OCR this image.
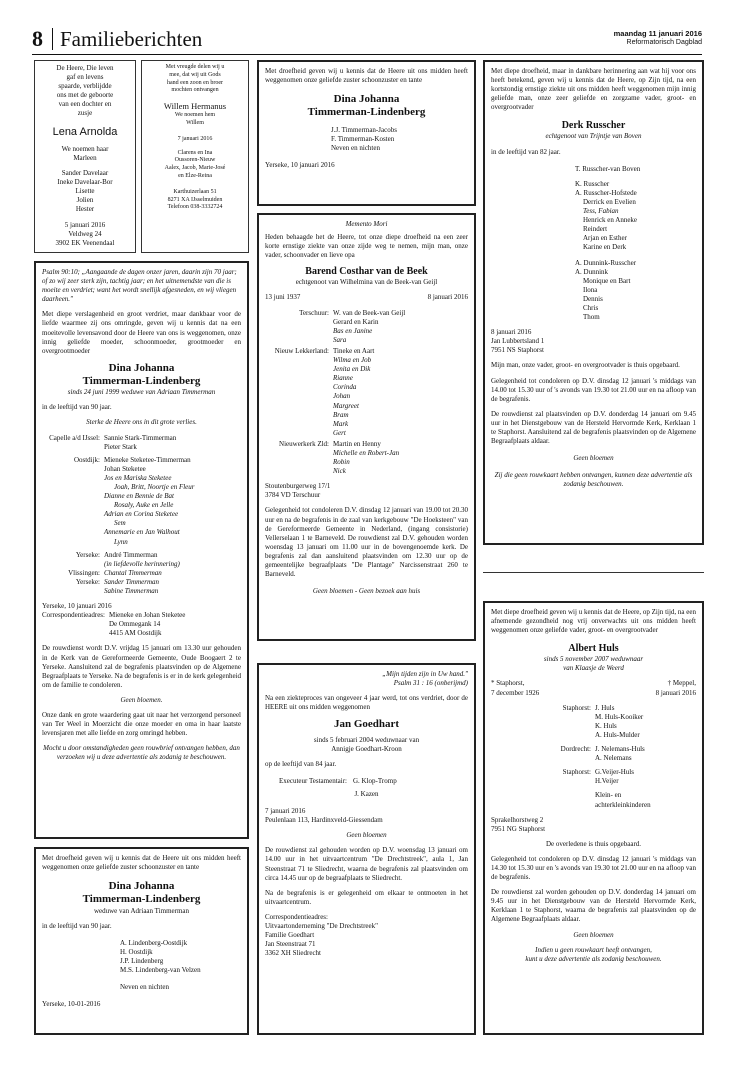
8 Familieberichten	maandag 11 januari 2016
Reformatorisch Dagblad
De Heere, Die leven
gaf en levens
spaarde, verblijdde
ons met de geboorte
van een dochter en
zusje
Lena Arnolda
We noemen haar
Marleen
Sander Davelaar
Ineke Davelaar-Bor
Lisette
Jolien
Hester
5 januari 2016
Veldweg 24
3902 EK Veenendaal
Met vreugde delen wij u
mee, dat wij uit Gods
hand een zoon en broer
mochten ontvangen
Willem Hermanus
We noemen hem
Willem
7 januari 2016
Clarens en Ina
Oussoren-Nieuw
Aalex, Jacob, Marie-José
en Elze-Reina
Karthuizerlaan 51
8271 XA IJsselmuiden
Telefoon 038-3332724
Psalm 90:10; „Aangaande de dagen onzer jaren, daarin zijn 70 jaar; of zo wij zeer sterk zijn, tachtig jaar; en het uitnemendste van die is moeite en verdriet; want het wordt snellijk afgesneden, en wij vliegen daarheen."
Met diepe verslagenheid en groot verdriet, maar dankbaar voor de liefde waarmee zij ons omringde, geven wij u kennis dat na een moeitevolle levensavond door de Heere van ons is weggenomen, onze innig geliefde moeder, schoonmoeder, grootmoeder en overgrootmoeder
Dina Johanna
Timmerman-Lindenberg
sinds 24 juni 1999 weduwe van Adriaan Timmerman
in de leeftijd van 90 jaar.
Sterke de Heere ons in dit grote verlies.
Capelle a/d IJssel: Sannie Stark-Timmerman
Pieter Stark
Oostdijk: Mieneke Steketee-Timmerman
Johan Steketee
Jos en Mariska Steketee
Joah, Britt, Noortje en Fleur
Dianne en Bennie de Bat
Rosaly, Auke en Jelle
Adrian en Corina Steketee
Sem
Annemarie en Jan Walhout
Lynn
Yerseke: André Timmerman
(in liefdevolle herinnering)
Vlissingen: Chantal Timmerman
Yerseke: Sander Timmerman
Sabine Timmerman
Yerseke, 10 januari 2016
Correspondentieadres: Mieneke en Johan Steketee
De Ommegank 14
4415 AM Oostdijk
De rouwdienst wordt D.V. vrijdag 15 januari om 13.30 uur gehouden in de Kerk van de Gereformeerde Gemeente, Oude Boogaert 2 te Yerseke. Aansluitend zal de begrafenis plaatsvinden op de Algemene Begraafplaats te Yerseke. Na de begrafenis is er in de kerk gelegenheid om de familie te condoleren.
Geen bloemen.
Onze dank en grote waardering gaat uit naar het verzorgend personeel van Ter Weel in Moerzicht die onze moeder en oma in haar laatste levensjaren met alle liefde en zorg omringd hebben.
Mocht u door omstandigheden geen rouwbrief ontvangen hebben, dan verzoeken wij u deze advertentie als zodanig te beschouwen.
Met droefheid geven wij u kennis dat de Heere uit ons midden heeft weggenomen onze geliefde zuster schoonzuster en tante
Dina Johanna
Timmerman-Lindenberg
weduwe van Adriaan Timmerman
in de leeftijd van 90 jaar.
A. Lindenberg-Oostdijk
H. Oostdijk
J.P. Lindenberg
M.S. Lindenberg-van Velzen
Neven en nichten
Yerseke, 10-01-2016
Met droefheid geven wij u kennis dat de Heere uit ons midden heeft weggenomen onze geliefde zuster schoonzuster en tante
Dina Johanna
Timmerman-Lindenberg
J.J. Timmerman-Jacobs
F. Timmerman-Kosten
Neven en nichten
Yerseke, 10 januari 2016
Memento Mori
Heden behaagde het de Heere, tot onze diepe droefheid na een zeer korte ernstige ziekte van onze zijde weg te nemen, mijn man, onze vader, schoonvader en lieve opa
Barend Costhar van de Beek
echtgenoot van Wilhelmina van de Beek-van Geijl
13 juni 1937	8 januari 2016
Terschuur: W. van de Beek-van Geijl
Gerard en Karin
Bas en Janine
Sara
Nieuw Lekkerland: Tineke en Aart
Wilma en Job
Jenita en Dik
Rianne
Corinda
Johan
Margreet
Bram
Mark
Gert
Nieuwerkerk Zld: Martin en Henny
Michelle en Robert-Jan
Robin
Nick
Stoutenburgerweg 17/1
3784 VD Terschuur
Gelegenheid tot condoleren D.V. dinsdag 12 januari van 19.00 tot 20.30 uur en na de begrafenis in de zaal van kerkgebouw "De Hoeksteen" van de Gereformeerde Gemeente in Nederland, (ingang consistorie) Vellerselaan 1 te Barneveld. De rouwdienst zal D.V. gehouden worden woensdag 13 januari om 11.00 uur in de bovengenoemde kerk. De begrafenis zal dan aansluitend plaatsvinden om 12.30 uur op de gemeentelijke begraafplaats "De Plantage" Narcissenstraat 260 te Barneveld.
Geen bloemen - Geen bezoek aan huis
„Mijn tijden zijn in Uw hand."
Psalm 31 : 16 (onberijmd)
Na een ziekteproces van ongeveer 4 jaar werd, tot ons verdriet, door de HEERE uit ons midden weggenomen
Jan Goedhart
sinds 5 februari 2004 weduwnaar van
Annigje Goedhart-Kroon
op de leeftijd van 84 jaar.
Executeur Testamentair: G. Klop-Tromp
J. Kazen
7 januari 2016
Peulenlaan 113, Hardinxveld-Giessendam
Geen bloemen
De rouwdienst zal gehouden worden op D.V. woensdag 13 januari om 14.00 uur in het uitvaartcentrum "De Drechtstreek", aula 1, Jan Steenstraat 71 te Sliedrecht, waarna de begrafenis zal plaatsvinden om circa 14.45 uur op de begraafplaats te Sliedrecht.
Na de begrafenis is er gelegenheid om elkaar te ontmoeten in het uitvaartcentrum.
Correspondentieadres:
Uitvaartonderneming "De Drechtstreek"
Familie Goedhart
Jan Steenstraat 71
3362 XH Sliedrecht
Met diepe droefheid, maar in dankbare herinnering aan wat hij voor ons heeft betekend, geven wij u kennis dat de Heere, op Zijn tijd, na een kortstondig ernstige ziekte uit ons midden heeft weggenomen mijn innig geliefde man, onze zeer geliefde en zorgzame vader, groot- en overgrootvader
Derk Russcher
echtgenoot van Trijntje van Boven
in de leeftijd van 82 jaar.
T. Russcher-van Boven
K. Russcher
A. Russcher-Hofstede
Derrick en Evelien
Tess, Fabian
Henrick en Anneke
Reindert
Arjan en Esther
Karine en Derk
A. Dunnink-Russcher
A. Dunnink
Monique en Bart
Ilona
Dennis
Chris
Thom
8 januari 2016
Jan Lubbertsland 1
7951 NS Staphorst
Mijn man, onze vader, groot- en overgrootvader is thuis opgebaard.
Gelegenheid tot condoleren op D.V. dinsdag 12 januari 's middags van 14.00 tot 15.30 uur of 's avonds van 19.30 tot 21.00 uur en na afloop van de begrafenis.
De rouwdienst zal plaatsvinden op D.V. donderdag 14 januari om 9.45 uur in het Dienstgebouw van de Hersteld Hervormde Kerk, Kerklaan 1 te Staphorst. Aansluitend zal de begrafenis plaatsvinden op de Algemene Begraafplaats aldaar.
Geen bloemen
Zij die geen rouwkaart hebben ontvangen, kunnen deze advertentie als zodanig beschouwen.
Met diepe droefheid geven wij u kennis dat de Heere, op Zijn tijd, na een afnemende gezondheid nog vrij onverwachts uit ons midden heeft weggenomen onze geliefde vader, groot- en overgrootvader
Albert Huls
sinds 5 november 2007 weduwnaar
van Klaasje de Weerd
* Staphorst,
7 december 1926
† Meppel,
8 januari 2016
Staphorst: J. Huls
M. Huls-Kooiker
K. Huls
A. Huls-Mulder
Dordrecht: J. Nelemans-Huls
A. Nelemans
Staphorst: G.Veijer-Huls
H.Veijer
Klein- en
achterkleinkinderen
Sprakelhorstweg 2
7951 NG Staphorst
De overledene is thuis opgebaard.
Gelegenheid tot condoleren op D.V. dinsdag 12 januari 's middags van 14.30 tot 15.30 uur en 's avonds van 19.30 tot 21.00 uur en na afloop van de begrafenis.
De rouwdienst zal worden gehouden op D.V. donderdag 14 januari om 9.45 uur in het Dienstgebouw van de Hersteld Hervormde Kerk, Kerklaan 1 te Staphorst, waarna de begrafenis zal plaatsvinden op de Algemene Begraafplaats aldaar.
Geen bloemen
Indien u geen rouwkaart heeft ontvangen,
kunt u deze advertentie als zodanig beschouwen.
